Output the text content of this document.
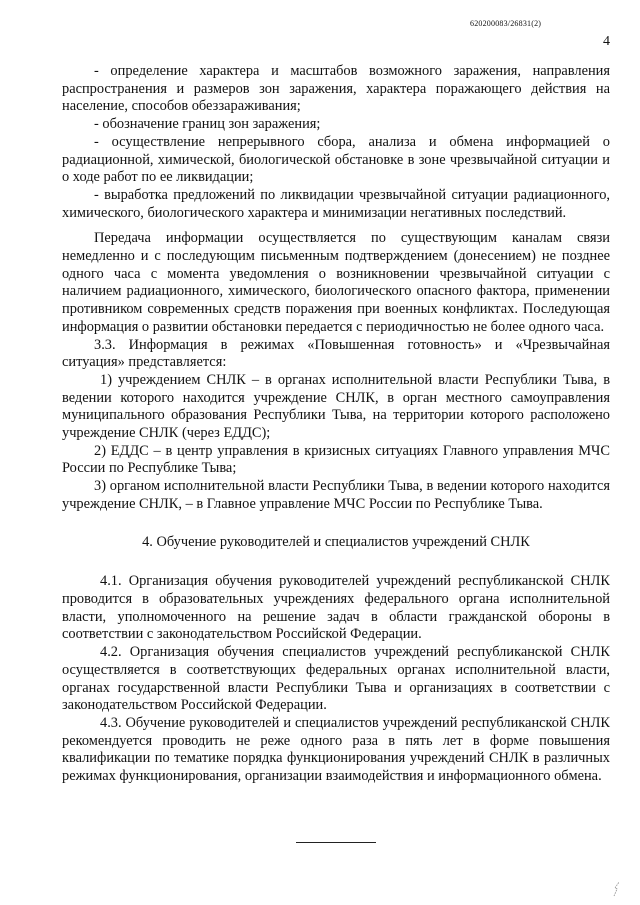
620200083/26831(2)
4

- определение характера и масштабов возможного заражения, направления распространения и размеров зон заражения, характера поражающего действия на население, способов обеззараживания;

- обозначение границ зон заражения;

- осуществление непрерывного сбора, анализа и обмена информацией о радиационной, химической, биологической обстановке в зоне чрезвычайной ситуации и о ходе работ по ее ликвидации;

- выработка предложений по ликвидации чрезвычайной ситуации радиационного, химического, биологического характера и минимизации негативных последствий.

Передача информации осуществляется по существующим каналам связи немедленно и с последующим письменным подтверждением (донесением) не позднее одного часа с момента уведомления о возникновении чрезвычайной ситуации с наличием радиационного, химического, биологического опасного фактора, применении противником современных средств поражения при военных конфликтах. Последующая информация о развитии обстановки передается с периодичностью не более одного часа.

3.3. Информация в режимах «Повышенная готовность» и «Чрезвычайная ситуация» представляется:

1) учреждением СНЛК – в органах исполнительной власти Республики Тыва, в ведении которого находится учреждение СНЛК, в орган местного самоуправления муниципального образования Республики Тыва, на территории которого расположено учреждение СНЛК (через ЕДДС);

2) ЕДДС – в центр управления в кризисных ситуациях Главного управления МЧС России по Республике Тыва;

3) органом исполнительной власти Республики Тыва, в ведении которого находится учреждение СНЛК, – в Главное управление МЧС России по Республике Тыва.

4. Обучение руководителей и специалистов учреждений СНЛК

4.1. Организация обучения руководителей учреждений республиканской СНЛК проводится в образовательных учреждениях федерального органа исполнительной власти, уполномоченного на решение задач в области гражданской обороны в соответствии с законодательством Российской Федерации.

4.2. Организация обучения специалистов учреждений республиканской СНЛК осуществляется в соответствующих федеральных органах исполнительной власти, органах государственной власти Республики Тыва и организациях в соответствии с законодательством Российской Федерации.

4.3. Обучение руководителей и специалистов учреждений республиканской СНЛК рекомендуется проводить не реже одного раза в пять лет в форме повышения квалификации по тематике порядка функционирования учреждений СНЛК в различных режимах функционирования, организации взаимодействия и информационного обмена.
